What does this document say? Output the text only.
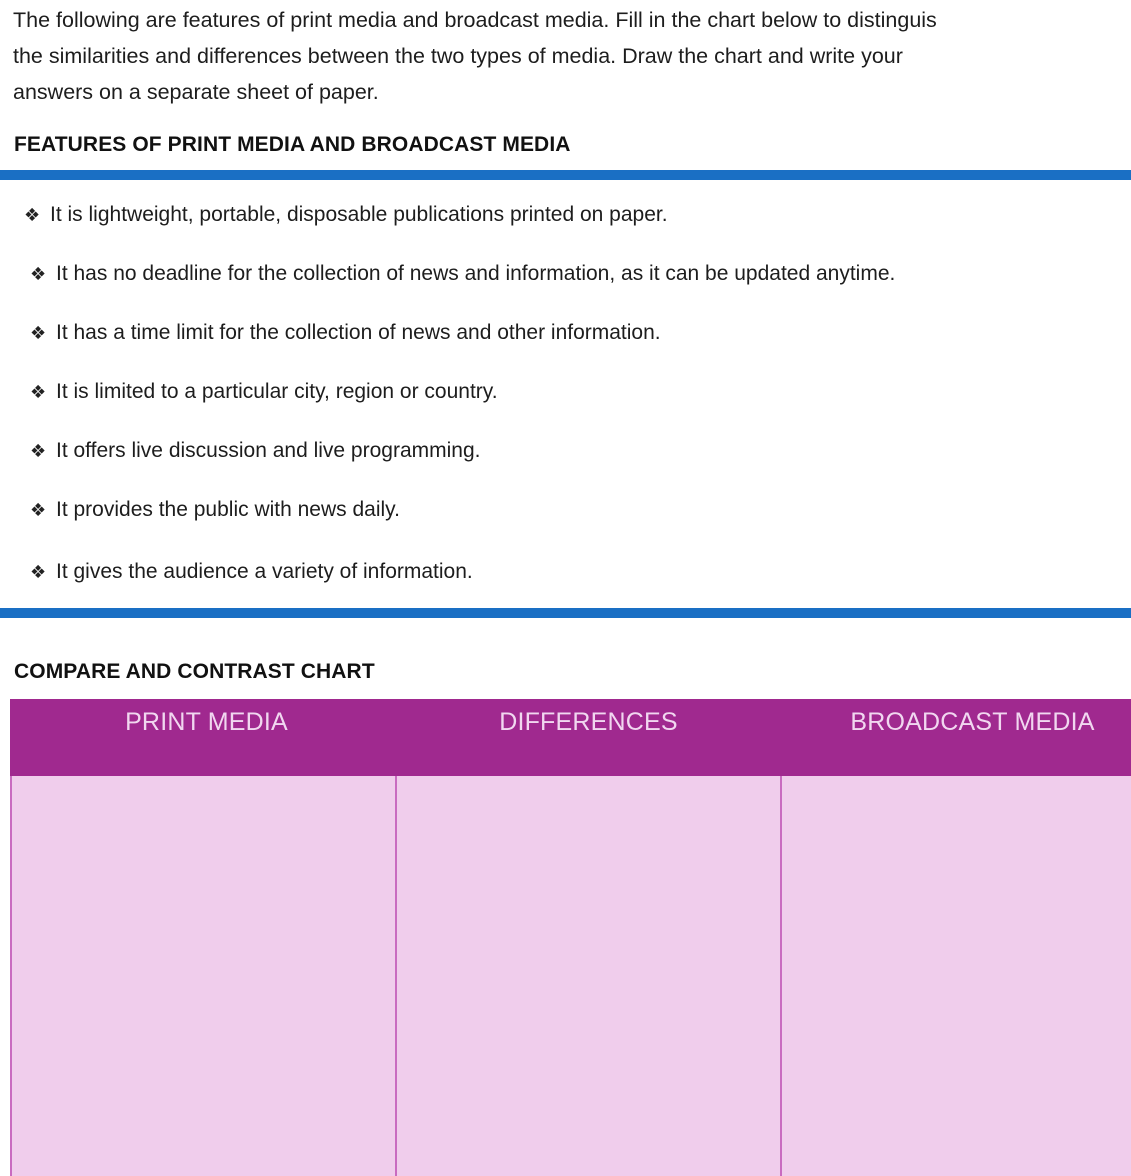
The following are features of print media and broadcast media. Fill in the chart below to distinguis
the similarities and differences between the two types of media. Draw the chart and write your
answers on a separate sheet of paper.
FEATURES OF PRINT MEDIA AND BROADCAST MEDIA
❖ It is lightweight, portable, disposable publications printed on paper.
❖ It has no deadline for the collection of news and information, as it can be updated anytime.
❖ It has a time limit for the collection of news and other information.
❖ It is limited to a particular city, region or country.
❖ It offers live discussion and live programming.
❖ It provides the public with news daily.
❖ It gives the audience a variety of information.
COMPARE AND CONTRAST CHART
PRINT MEDIA	DIFFERENCES	BROADCAST MEDIA
